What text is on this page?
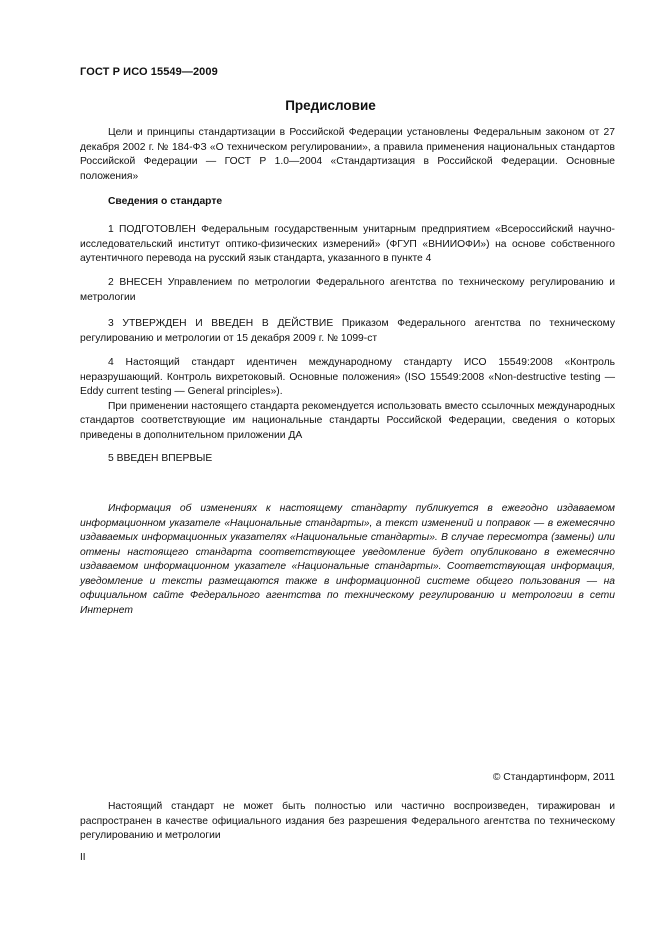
ГОСТ Р ИСО 15549—2009
Предисловие

Цели и принципы стандартизации в Российской Федерации установлены Федеральным законом от 27 декабря 2002 г. № 184-ФЗ «О техническом регулировании», а правила применения национальных стандартов Российской Федерации — ГОСТ Р 1.0—2004 «Стандартизация в Российской Федерации. Основные положения»

Сведения о стандарте

1 ПОДГОТОВЛЕН Федеральным государственным унитарным предприятием «Всероссийский научно-исследовательский институт оптико-физических измерений» (ФГУП «ВНИИОФИ») на основе собственного аутентичного перевода на русский язык стандарта, указанного в пункте 4

2 ВНЕСЕН Управлением по метрологии Федерального агентства по техническому регулированию и метрологии

3 УТВЕРЖДЕН И ВВЕДЕН В ДЕЙСТВИЕ Приказом Федерального агентства по техническому регулированию и метрологии от 15 декабря 2009 г. № 1099-ст

4 Настоящий стандарт идентичен международному стандарту ИСО 15549:2008 «Контроль неразрушающий. Контроль вихретоковый. Основные положения» (ISO 15549:2008 «Non-destructive testing — Eddy current testing — General principles»).

При применении настоящего стандарта рекомендуется использовать вместо ссылочных международных стандартов соответствующие им национальные стандарты Российской Федерации, сведения о которых приведены в дополнительном приложении ДА

5 ВВЕДЕН ВПЕРВЫЕ

Информация об изменениях к настоящему стандарту публикуется в ежегодно издаваемом информационном указателе «Национальные стандарты», а текст изменений и поправок — в ежемесячно издаваемых информационных указателях «Национальные стандарты». В случае пересмотра (замены) или отмены настоящего стандарта соответствующее уведомление будет опубликовано в ежемесячно издаваемом информационном указателе «Национальные стандарты». Соответствующая информация, уведомление и тексты размещаются также в информационной системе общего пользования — на официальном сайте Федерального агентства по техническому регулированию и метрологии в сети Интернет

© Стандартинформ, 2011

Настоящий стандарт не может быть полностью или частично воспроизведен, тиражирован и распространен в качестве официального издания без разрешения Федерального агентства по техническому регулированию и метрологии

II
